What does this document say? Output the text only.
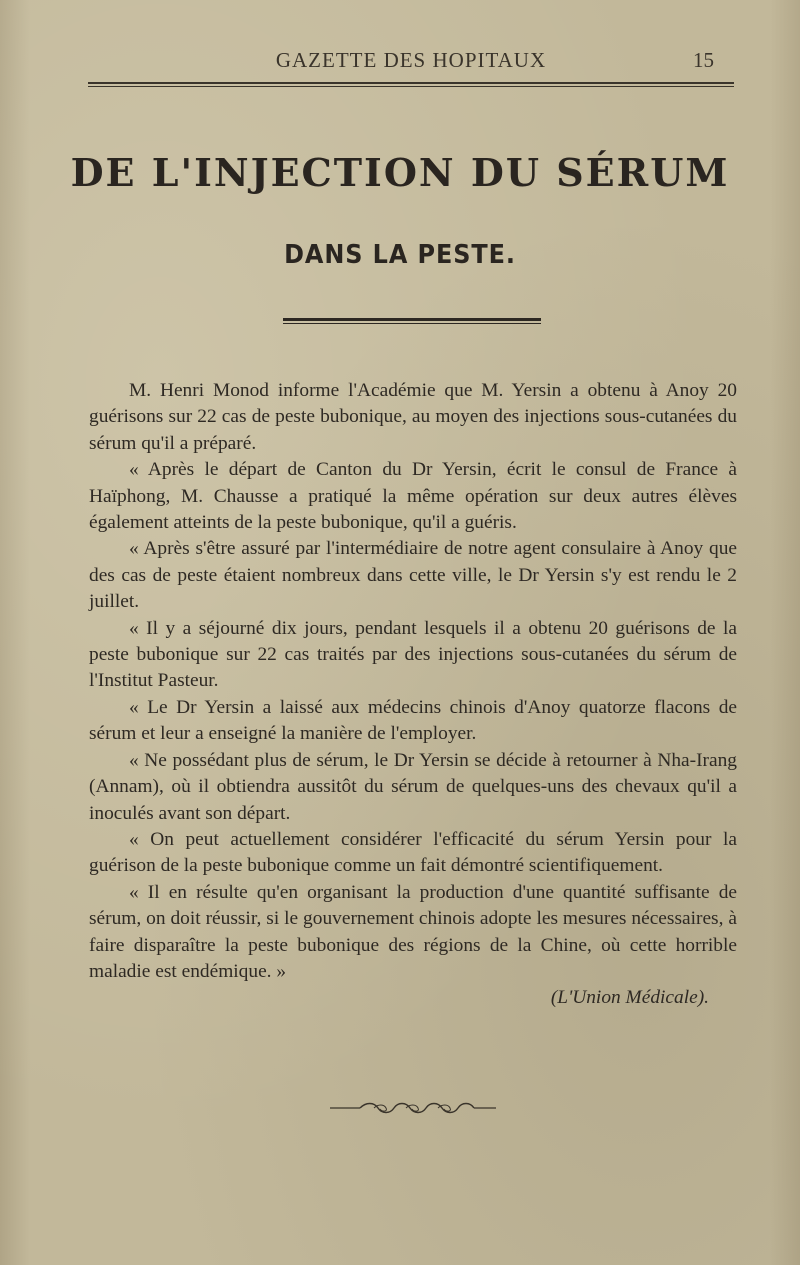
GAZETTE DES HOPITAUX	15
DE L'INJECTION DU SÉRUM
DANS LA PESTE.

M. Henri Monod informe l'Académie que M. Yersin a obtenu à Anoy 20 guérisons sur 22 cas de peste bubonique, au moyen des injections sous-cutanées du sérum qu'il a préparé.

« Après le départ de Canton du Dr Yersin, écrit le consul de France à Haïphong, M. Chausse a pratiqué la même opération sur deux autres élèves également atteints de la peste bubonique, qu'il a guéris.

« Après s'être assuré par l'intermédiaire de notre agent consulaire à Anoy que des cas de peste étaient nombreux dans cette ville, le Dr Yersin s'y est rendu le 2 juillet.

« Il y a séjourné dix jours, pendant lesquels il a obtenu 20 guérisons de la peste bubonique sur 22 cas traités par des injections sous-cutanées du sérum de l'Institut Pasteur.

« Le Dr Yersin a laissé aux médecins chinois d'Anoy quatorze flacons de sérum et leur a enseigné la manière de l'employer.

« Ne possédant plus de sérum, le Dr Yersin se décide à retourner à Nha-Irang (Annam), où il obtiendra aussitôt du sérum de quelques-uns des chevaux qu'il a inoculés avant son départ.

« On peut actuellement considérer l'efficacité du sérum Yersin pour la guérison de la peste bubonique comme un fait démontré scientifiquement.

« Il en résulte qu'en organisant la production d'une quantité suffisante de sérum, on doit réussir, si le gouvernement chinois adopte les mesures nécessaires, à faire disparaître la peste bubonique des régions de la Chine, où cette horrible maladie est endémique. »

(L'Union Médicale).
